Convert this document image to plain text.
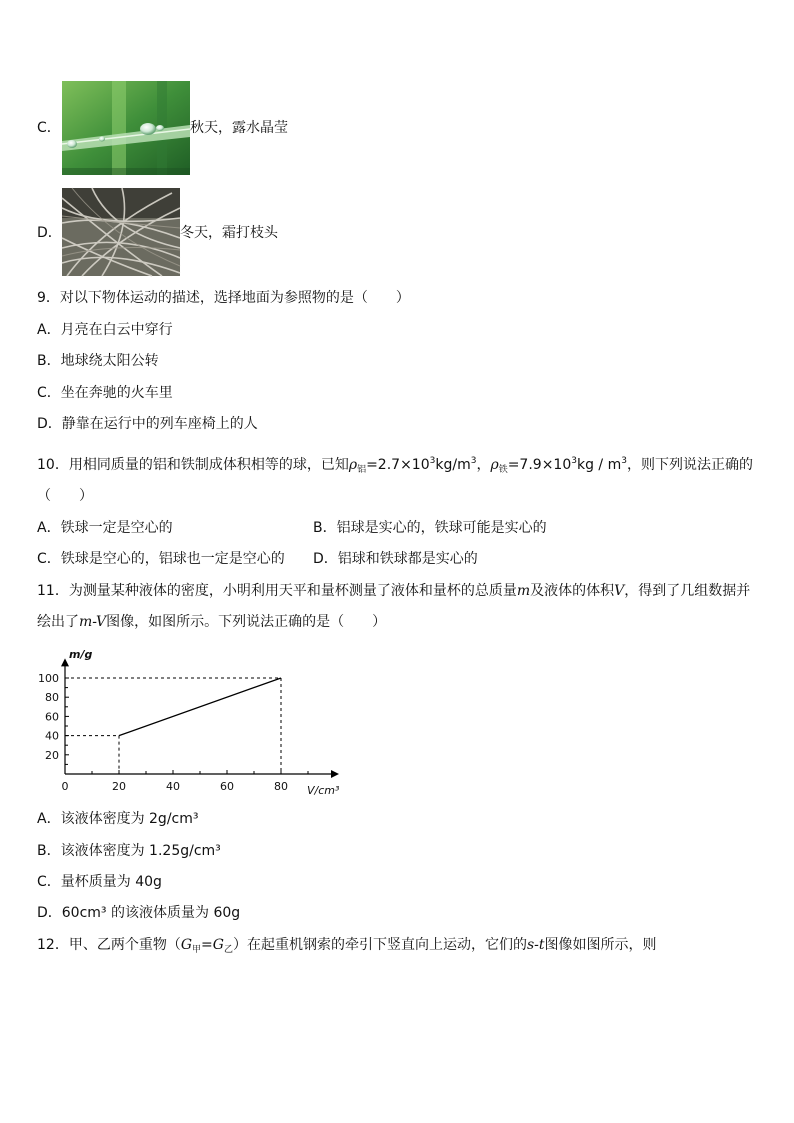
C．	秋天，露水晶莹
D．	冬天，霜打枝头
9．对以下物体运动的描述，选择地面为参照物的是（　　）
A．月亮在白云中穿行
B．地球绕太阳公转
C．坐在奔驰的火车里
D．静靠在运行中的列车座椅上的人
10．用相同质量的铝和铁制成体积相等的球，已知$\rho_铝=2.7\times 10^3kg/m^3$，$\rho_铁=7.9\times 10^3kg / m^3$，则下列说法正确的
（　　）
A．铁球一定是空心的	B．铝球是实心的，铁球可能是实心的
C．铁球是空心的，铝球也一定是空心的 D．铝球和铁球都是实心的
11．为测量某种液体的密度，小明利用天平和量杯测量了液体和量杯的总质量m及液体的体积V，得到了几组数据并
绘出了m-V图像，如图所示。下列说法正确的是（　　）
0	20	40	60	80
20
40
60
80
100
m/g
V/cm³
A．该液体密度为 2g/cm³
B．该液体密度为 1.25g/cm³
C．量杯质量为 40g
D．60cm³ 的该液体质量为 60g
12．甲、乙两个重物$(G_甲=G_乙)$在起重机钢索的牵引下竖直向上运动，它们的s-t图像如图所示，则
